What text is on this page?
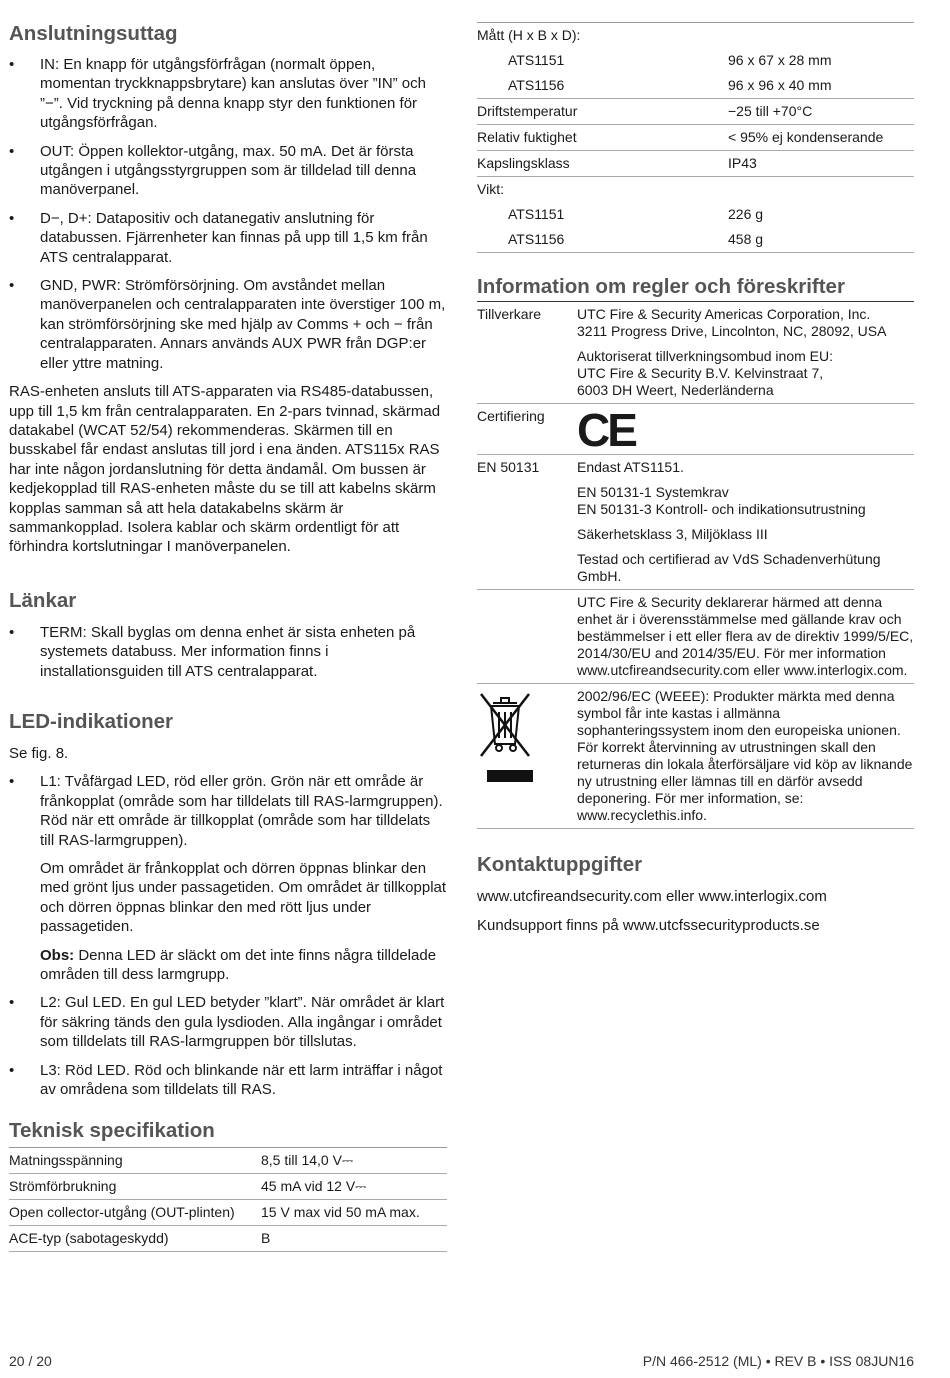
Anslutningsuttag
• IN: En knapp för utgångsförfrågan (normalt öppen, momentan tryckknappsbrytare) kan anslutas över ”IN” och ”−”. Vid tryckning på denna knapp styr den funktionen för utgångsförfrågan.
• OUT: Öppen kollektor-utgång, max. 50 mA. Det är första utgången i utgångsstyrgruppen som är tilldelad till denna manöverpanel.
• D−, D+: Datapositiv och datanegativ anslutning för databussen. Fjärrenheter kan finnas på upp till 1,5 km från ATS centralapparat.
• GND, PWR: Strömförsörjning. Om avståndet mellan manöverpanelen och centralapparaten inte överstiger 100 m, kan strömförsörjning ske med hjälp av Comms + och − från centralapparaten. Annars används AUX PWR från DGP:er eller yttre matning.

RAS-enheten ansluts till ATS-apparaten via RS485-databussen, upp till 1,5 km från centralapparaten. En 2-pars tvinnad, skärmad datakabel (WCAT 52/54) rekommenderas. Skärmen till en busskabel får endast anslutas till jord i ena änden. ATS115x RAS har inte någon jordanslutning för detta ändamål. Om bussen är kedjekopplad till RAS-enheten måste du se till att kabelns skärm kopplas samman så att hela datakabelns skärm är sammankopplad. Isolera kablar och skärm ordentligt för att förhindra kortslutningar I manöverpanelen.

Länkar
• TERM: Skall byglas om denna enhet är sista enheten på systemets databuss. Mer information finns i installationsguiden till ATS centralapparat.
LED-indikationer

Se fig. 8.

• L1: Tvåfärgad LED, röd eller grön. Grön när ett område är frånkopplat (område som har tilldelats till RAS-larmgruppen). Röd när ett område är tillkopplat (område som har tilldelats till RAS-larmgruppen).
Om området är frånkopplat och dörren öppnas blinkar den med grönt ljus under passagetiden. Om området är tillkopplat och dörren öppnas blinkar den med rött ljus under passagetiden.
Obs: Denna LED är släckt om det inte finns några tilldelade områden till dess larmgrupp.
• L2: Gul LED. En gul LED betyder ”klart”. När området är klart för säkring tänds den gula lysdioden. Alla ingångar i området som tilldelats till RAS-larmgruppen bör tillslutas.
• L3: Röd LED. Röd och blinkande när ett larm inträffar i något av områdena som tilldelats till RAS.
Teknisk specifikation
Matningsspänning	8,5 till 14,0 V⎓
Strömförbrukning	45 mA vid 12 V⎓
Open collector-utgång (OUT-plinten)	15 V max vid 50 mA max.
ACE-typ (sabotageskydd)	B
Mått (H x B x D):	
ATS1151	96 x 67 x 28 mm
ATS1156	96 x 96 x 40 mm
Driftstemperatur	−25 till +70°C
Relativ fuktighet	< 95% ej kondenserande
Kapslingsklass	IP43
Vikt:	
ATS1151	226 g
ATS1156	458 g
Information om regler och föreskrifter
Tillverkare	UTC Fire & Security Americas Corporation, Inc.
3211 Progress Drive, Lincolnton, NC, 28092, USA
Auktoriserat tillverkningsombud inom EU:
UTC Fire & Security B.V. Kelvinstraat 7,
6003 DH Weert, Nederländerna

Certifiering	CE
EN 50131	Endast ATS1151.
EN 50131-1 Systemkrav
EN 50131-3 Kontroll- och indikationsutrustning
Säkerhetsklass 3, Miljöklass III
Testad och certifierad av VdS Schadenverhütung GmbH.

	UTC Fire & Security deklarerar härmed att denna enhet är i överensstämmelse med gällande krav och bestämmelser i ett eller flera av de direktiv 1999/5/EC, 2014/30/EU and 2014/35/EU. För mer information www.utcfireandsecurity.com eller www.interlogix.com.
	2002/96/EC (WEEE): Produkter märkta med denna symbol får inte kastas i allmänna sophanteringssystem inom den europeiska unionen. För korrekt återvinning av utrustningen skall den returneras din lokala återförsäljare vid köp av liknande ny utrustning eller lämnas till en därför avsedd deponering. För mer information, se: www.recyclethis.info.
Kontaktuppgifter

www.utcfireandsecurity.com eller www.interlogix.com

Kundsupport finns på www.utcfssecurityproducts.se

20 / 20	P/N 466-2512 (ML) • REV B • ISS 08JUN16
